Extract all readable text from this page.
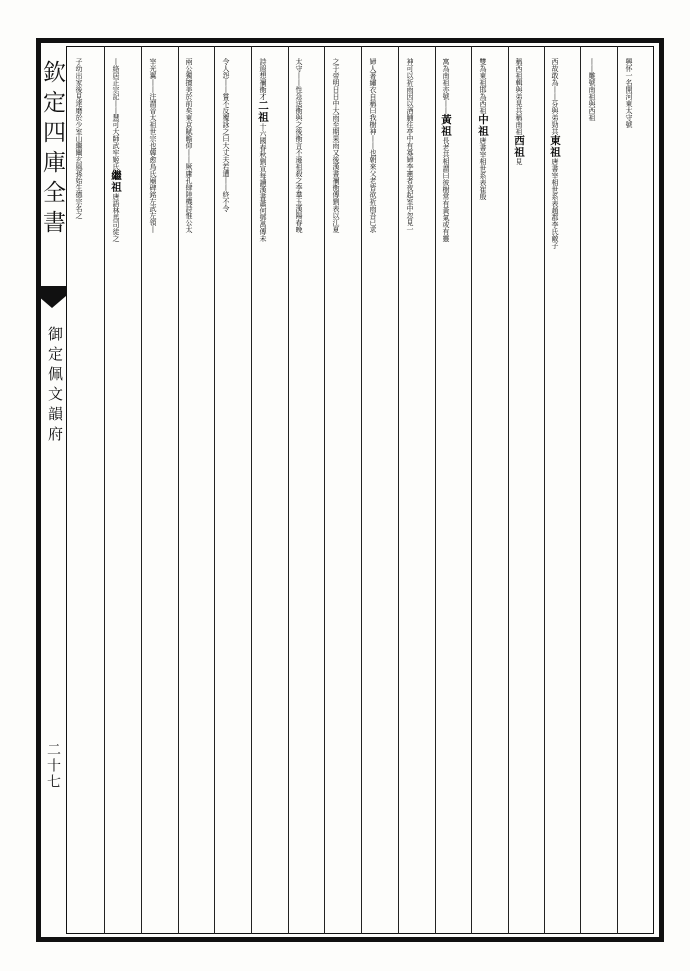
欽定四庫全書
御定佩文韻府
二十七
興怀一名開河東太守號
丨丨雕號南祖與西祖
西故敢為丨丨芬與弟勁共東祖唐書宰相世系表趙郡李氏敵子
稱西祖輯與弟晃共稱南祖西祖見
雙為東祖邯為西祖中祖唐書宰相世系表崔殷
寓為南祖亦號丨丨黃祖長老共相謂曰彼樹常有黃氣或有靈
神可以祈雨因以酒脯往亭中有寡婦李憲者夜起室中忽見一
婦人著繡衣自稱曰我樹神丨丨也朝來父老皆欲祈雨吾已求
之于帝明日日中大雨至期果雨又後漢書禰衡傳劉表以江夏
太守丨丨性急送衡與之後衡言不遜祖殺之李羣玉漢陽春晚
詩遐想禰衡才二祖十六國春秋劉宣每讀漢書蕭何鄧禹傳未
令人怨丨丨嘗不反覆詠之曰大丈夫若遭丨丨終不令
兩公獨擅美於前矣東京賦瞻仰丨丨厥庸孔肆陸機詩惟公太
宰光翼丨丨注謂晉太祖世宗也韓愈烏氏廟碑銘左武左領丨
丨絡居正宗記丨丨慧可大師武牢姬氏繼祖唐語林馬司徒之
子幼出家後見達磨於少室山繼闡玄風孫始生德宗名之
